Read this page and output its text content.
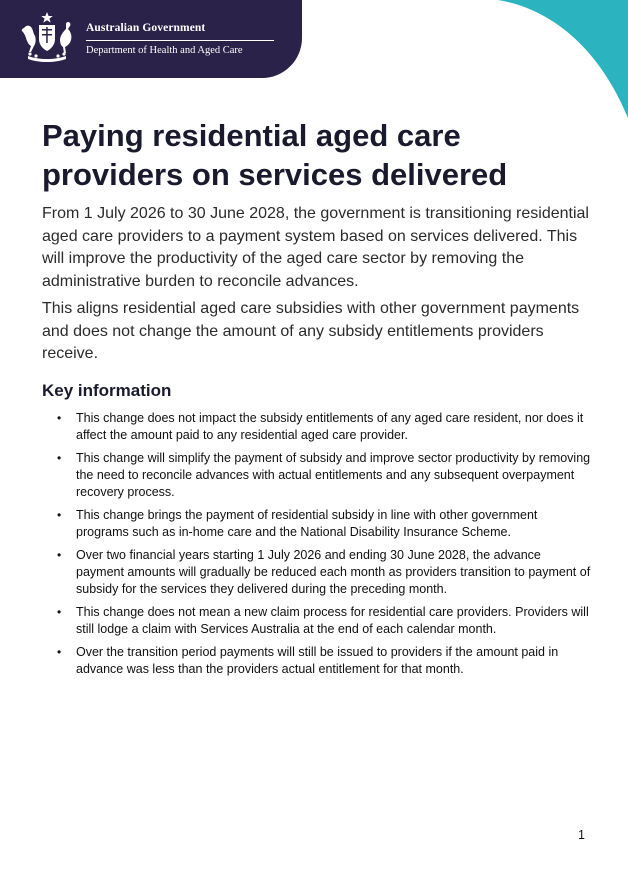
Australian Government
Department of Health and Aged Care
Paying residential aged care providers on services delivered

From 1 July 2026 to 30 June 2028, the government is transitioning residential aged care providers to a payment system based on services delivered. This will improve the productivity of the aged care sector by removing the administrative burden to reconcile advances.

This aligns residential aged care subsidies with other government payments and does not change the amount of any subsidy entitlements providers receive.

Key information
• This change does not impact the subsidy entitlements of any aged care resident, nor does it affect the amount paid to any residential aged care provider.
• This change will simplify the payment of subsidy and improve sector productivity by removing the need to reconcile advances with actual entitlements and any subsequent overpayment recovery process.
• This change brings the payment of residential subsidy in line with other government programs such as in-home care and the National Disability Insurance Scheme.
• Over two financial years starting 1 July 2026 and ending 30 June 2028, the advance payment amounts will gradually be reduced each month as providers transition to payment of subsidy for the services they delivered during the preceding month.
• This change does not mean a new claim process for residential care providers. Providers will still lodge a claim with Services Australia at the end of each calendar month.
• Over the transition period payments will still be issued to providers if the amount paid in advance was less than the providers actual entitlement for that month.
1
